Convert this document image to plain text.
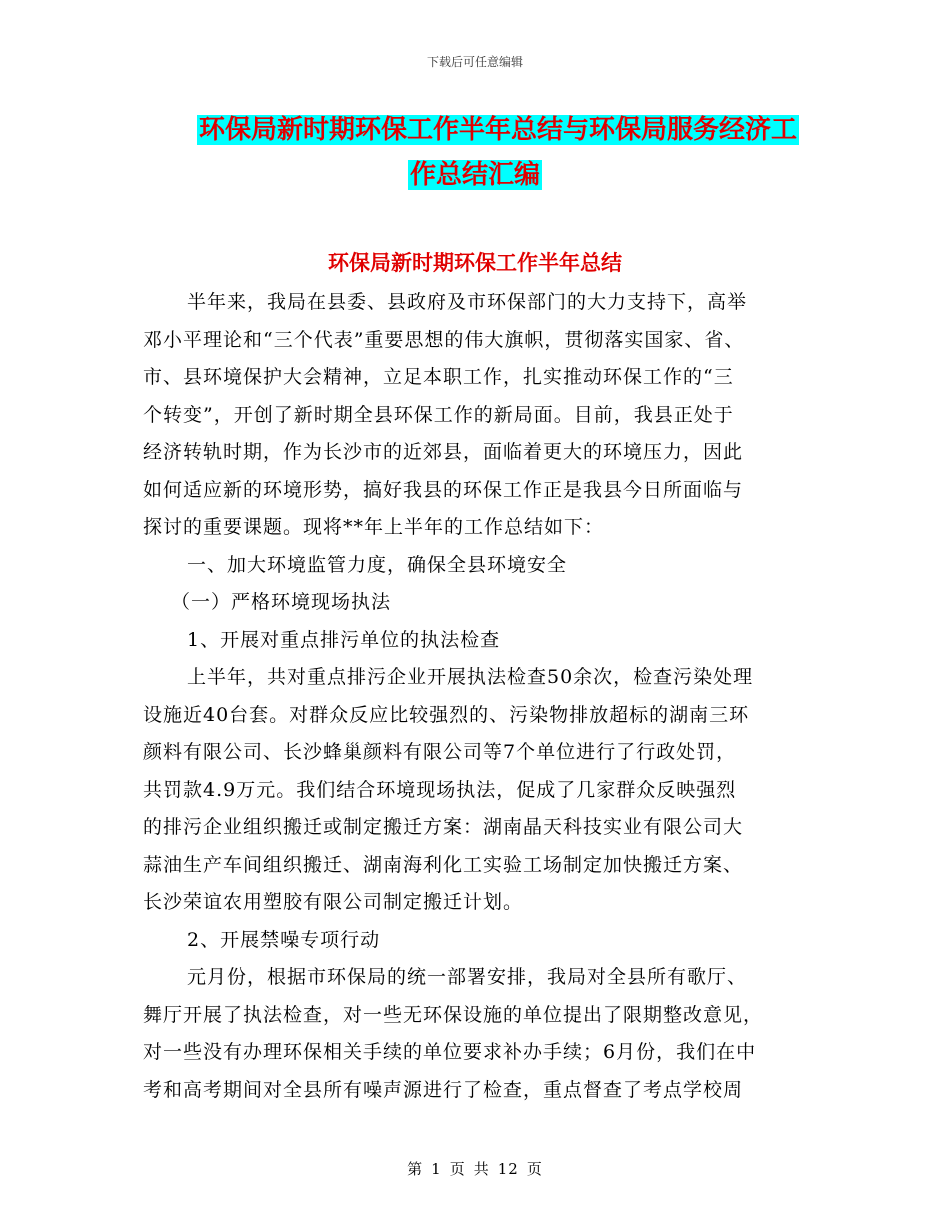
下载后可任意编辑
环保局新时期环保工作半年总结与环保局服务经济工
作总结汇编
环保局新时期环保工作半年总结
半年来，我局在县委、县政府及市环保部门的大力支持下，高举
邓小平理论和“三个代表”重要思想的伟大旗帜，贯彻落实国家、省、
市、县环境保护大会精神，立足本职工作，扎实推动环保工作的“三
个转变”，开创了新时期全县环保工作的新局面。目前，我县正处于
经济转轨时期，作为长沙市的近郊县，面临着更大的环境压力，因此
如何适应新的环境形势，搞好我县的环保工作正是我县今日所面临与
探讨的重要课题。现将**年上半年的工作总结如下：
一、加大环境监管力度，确保全县环境安全
（一）严格环境现场执法
1、开展对重点排污单位的执法检查
上半年，共对重点排污企业开展执法检查50余次，检查污染处理
设施近40台套。对群众反应比较强烈的、污染物排放超标的湖南三环
颜料有限公司、长沙蜂巢颜料有限公司等7个单位进行了行政处罚，
共罚款4.9万元。我们结合环境现场执法，促成了几家群众反映强烈
的排污企业组织搬迁或制定搬迁方案：湖南晶天科技实业有限公司大
蒜油生产车间组织搬迁、湖南海利化工实验工场制定加快搬迁方案、
长沙荣谊农用塑胶有限公司制定搬迁计划。
2、开展禁噪专项行动
元月份，根据市环保局的统一部署安排，我局对全县所有歌厅、
舞厅开展了执法检查，对一些无环保设施的单位提出了限期整改意见，
对一些没有办理环保相关手续的单位要求补办手续；6月份，我们在中
考和高考期间对全县所有噪声源进行了检查，重点督查了考点学校周
第 1 页 共 12 页
